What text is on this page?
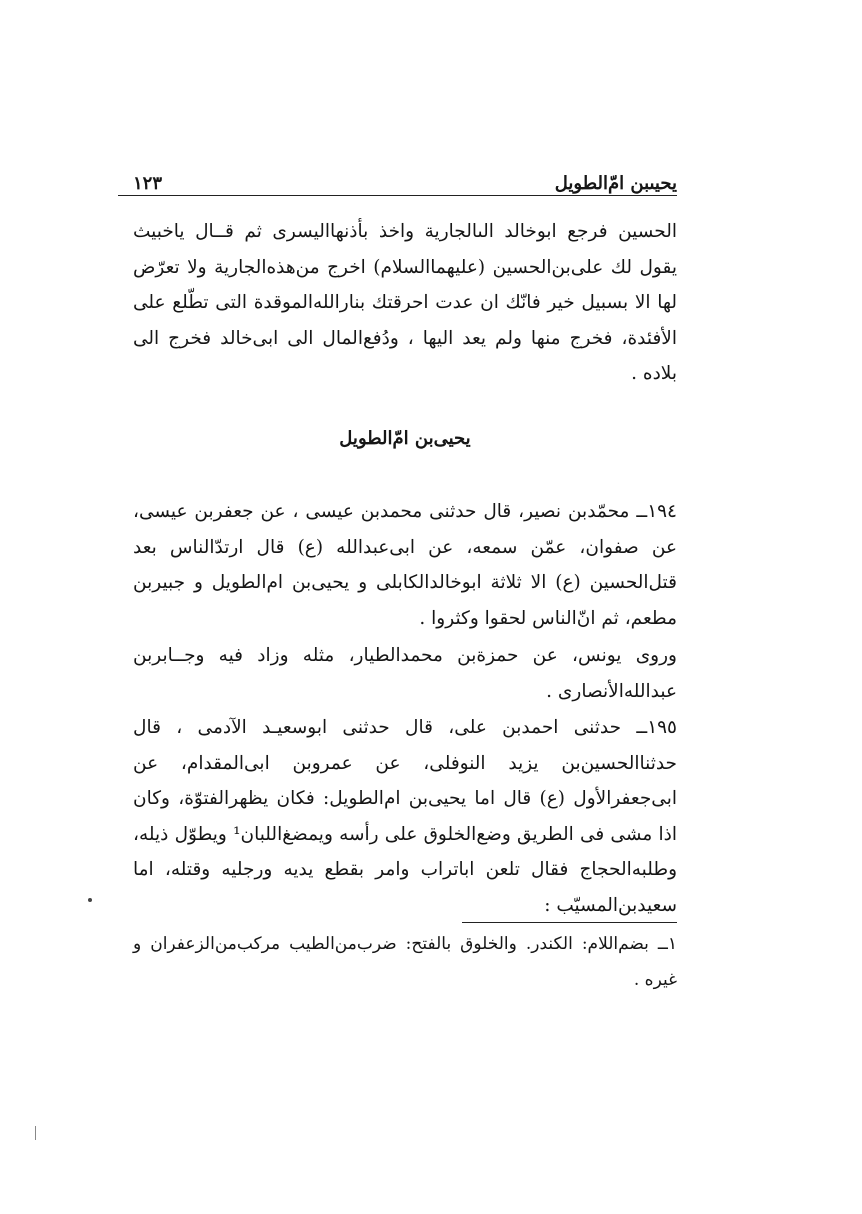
يحيىبن ام‌ّالطويل
١٢٣
الحسين فرجع ابوخالد الىالجارية واخذ بأذنهاالیسری ثم قــال ياخبيث يقول لك على‌بن‌الحسين (عليهماالسلام) اخرج من‌هذه‌الجارية ولا تعرّض لها الا بسبيل خير فانّك ان عدت احرقتك بنارالله‌الموقدة التى تطّلع على الأفئدة، فخرج منها ولم يعد اليها ، ودُفع‌المال الى ابى‌خالد فخرج الى بلاده .
يحيى‌بن ام‌ّالطويل
١٩٤ــ محمّدبن نصير، قال حدثنى محمدبن عيسى ، عن جعفربن عيسى، عن صفوان، عمّن سمعه، عن ابى‌عبدالله (ع) قال ارتدّالناس بعد قتل‌الحسين (ع) الا ثلاثة ابوخالدالكابلى و يحيى‌بن ام‌الطويل و جبيربن مطعم، ثم انّ‌الناس لحقوا وكثروا .
وروى يونس، عن حمزة‌بن محمدالطيار، مثله وزاد فيه وجــابربن عبدالله‌الأنصارى .
١٩٥ــ حدثنى احمدبن على، قال حدثنى ابوسعيـد الآدمى ، قال حدثناالحسين‌بن يزيد النوفلى، عن عمروبن ابى‌المقدام، عن ابى‌جعفرالأول (ع) قال اما يحيى‌بن ام‌الطويل: فكان يظهرالفتوّة، وكان اذا مشى فى الطريق وضع‌الخلوق على رأسه ويمضغ‌اللبان¹ ويطوّل ذيله، وطلبه‌الحجاج فقال تلعن اباتراب وامر بقطع يديه ورجليه وقتله، اما سعيدبن‌المسيّب :
١ــ بضم‌اللام: الكندر. والخلوق بالفتح: ضرب‌من‌الطيب مركب‌من‌الزعفران و غيره .
